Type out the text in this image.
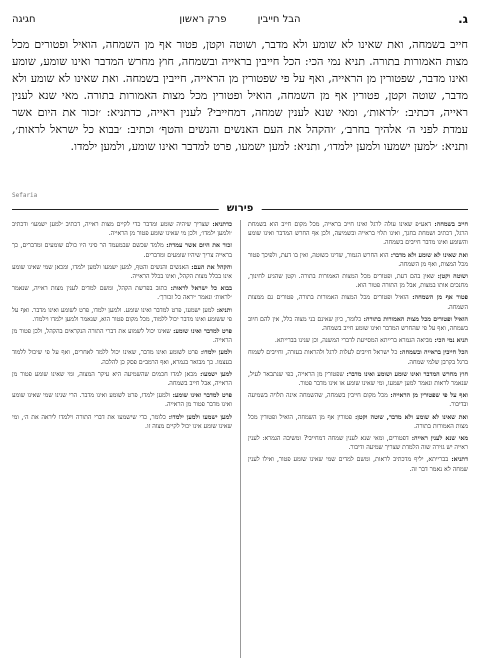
ג.
הבל חייבין פרק ראשון
חגיגה
חייב בשמחה, ואת שאינו לא שומע ולא מדבר, ושוטה וקטן, פטור אף מן השמחה, הואיל ופטורים מכל מצות האמורות בתורה. תניא נמי הכי: הכל חייבין בראייה ובשמחה, חוץ מחרש המדבר ואינו שומע, שומע ואינו מדבר, שפטורין מן הראייה, ואף על פי שפטורין מן הראייה, חייבין בשמחה. ואת שאינו לא שומע ולא מדבר, שוטה וקטן, פטורין אף מן השמחה, הואיל ופטורין מכל מצות האמורות בתורה. מאי שנא לענין ראייה, דכתיב: ׳לראות׳, ומאי שנא לענין שמחה, דמחייבי? לענין ראייה, כדתניא: ׳זכור את היום אשר עמדת לפני ה׳ אלהיך בחרב׳, ׳והקהל את העם האנשים והנשים והטף׳ וכתיב: ׳בבוא כל ישראל לראות׳, ותניא: ׳למען ישמעו ולמען ילמדו׳, ותניא: למען ישמעו, פרט למדבר ואינו שומע, ולמען ילמדו.
Sefaria
פירוש

חייב בשמחה: דאע״פ שאינו עולה לרגל ואינו חייב בראייה, מכל מקום חייב הוא בשמחת הרגל, דכתיב ושמחת בחגך, ואינו תלוי בראייה ובשמיעה, ולכן אף החרש המדבר ואינו שומע והשומע ואינו מדבר חייבים בשמחה.

ואת שאינו לא שומע ולא מדבר: הוא החרש הגמור, שדינו כשוטה, ואין בו דעת, ולפיכך פטור מכל המצות, ואף מן השמחה.

ושוטה וקטן: שאין בהם דעת, ופטורים מכל המצות האמורות בתורה. וקטן שהגיע לחינוך, מחנכים אותו במצות, אבל מן התורה פטור הוא.

פטור אף מן השמחה: הואיל ופטורים מכל המצות האמורות בתורה, פטורים גם ממצות השמחה.

הואיל ופטורים מכל מצות האמורות בתורה: כלומר, כיון שאינם בני מצוה כלל, אין להם חיוב בשמחה, ואף על פי שהחרש המדבר ואינו שומע חייב בשמחה.

תניא נמי הכי: מביאה הגמרא ברייתא המסייעת לדברי המשנה, וכן שנינו בברייתא.

הכל חייבין בראייה ובשמחה: כל ישראל חייבים לעלות לרגל ולהראות בעזרה, וחייבים לשמוח ברגל בקרבן שלמי שמחה.

חוץ מחרש המדבר ואינו שומע ושומע ואינו מדבר: שפטורין מן הראייה, כפי שנתבאר לעיל, שנאמר לראות ונאמר למען ישמעו, ומי שאינו שומע או אינו מדבר פטור.

ואף על פי שפטורין מן הראייה: מכל מקום חייבין בשמחה, שהשמחה אינה תלויה בשמיעה ובדיבור.

ואת שאינו לא שומע ולא מדבר, שוטה וקטן: פטורין אף מן השמחה, הואיל ופטורין מכל מצות האמורות בתורה.

מאי שנא לענין ראייה: דפטורים, ומאי שנא לענין שמחה דמחייבי? ומשיבה הגמרא: לענין ראייה יש גזירה שוה הלמדת שצריך שמיעה ודיבור.

דתניא: בברייתא, יליף מדכתיב לראות, ומשם למדים שמי שאינו שומע פטור, ואילו לענין שמחה לא נאמר דבר זה.

כדתניא: שצריך שיהיה שומע ומדבר כדי לקיים מצות ראייה, דכתיב ׳למען ישמעו׳ ודכתיב ׳ולמען ילמדו׳, ולכן מי שאינו שומע פטור מן הראייה.

זכור את היום אשר עמדת: מלמד שכשם שבמעמד הר סיני היו כולם שומעים ומדברים, כך בראייה צריך שיהיו שומעים ומדברים.

והקהל את העם: האנשים והנשים והטף, למען ישמעו ולמען ילמדו, ומכאן שמי שאינו שומע אינו בכלל מצות הקהל, ואינו בכלל הראייה.

בבוא כל ישראל לראות: כתוב בפרשת הקהל, ומשם למדים לענין מצות ראייה, שנאמר ׳לראות׳ ונאמר ׳יראה כל זכורך׳.

ותניא: למען ישמעו, פרט למדבר ואינו שומע. ולמען ילמדו, פרט לשומע ואינו מדבר. ואף על פי ששומע ואינו מדבר יכול ללמוד, מכל מקום פטור הוא, שנאמר ולמען ילמדו וילמדו.

פרט למדבר ואינו שומע: שאינו יכול לשמוע את דברי התורה הנקראים בהקהל, ולכן פטור מן הראייה.

ולמען ילמדו: פרט לשומע ואינו מדבר, שאינו יכול ללמד לאחרים, ואף על פי שיכול ללמוד בעצמו. כך מבואר בגמרא, ואף הרמב״ם פסק כן להלכה.

למען ישמעו: מכאן למדו חכמים שהשמיעה היא עיקר המצוה, ומי שאינו שומע פטור מן הראייה, אבל חייב בשמחה.

פרט למדבר ואינו שומע: ולמען ילמדו, פרט לשומע ואינו מדבר. הרי שנינו שמי שאינו שומע ואינו מדבר פטור מן הראייה.

למען ישמעו ולמען ילמדו: כלומר, כדי שישמעו את דברי התורה וילמדו ליראה את ה׳, ומי שאינו שומע אינו יכול לקיים מצוה זו.
